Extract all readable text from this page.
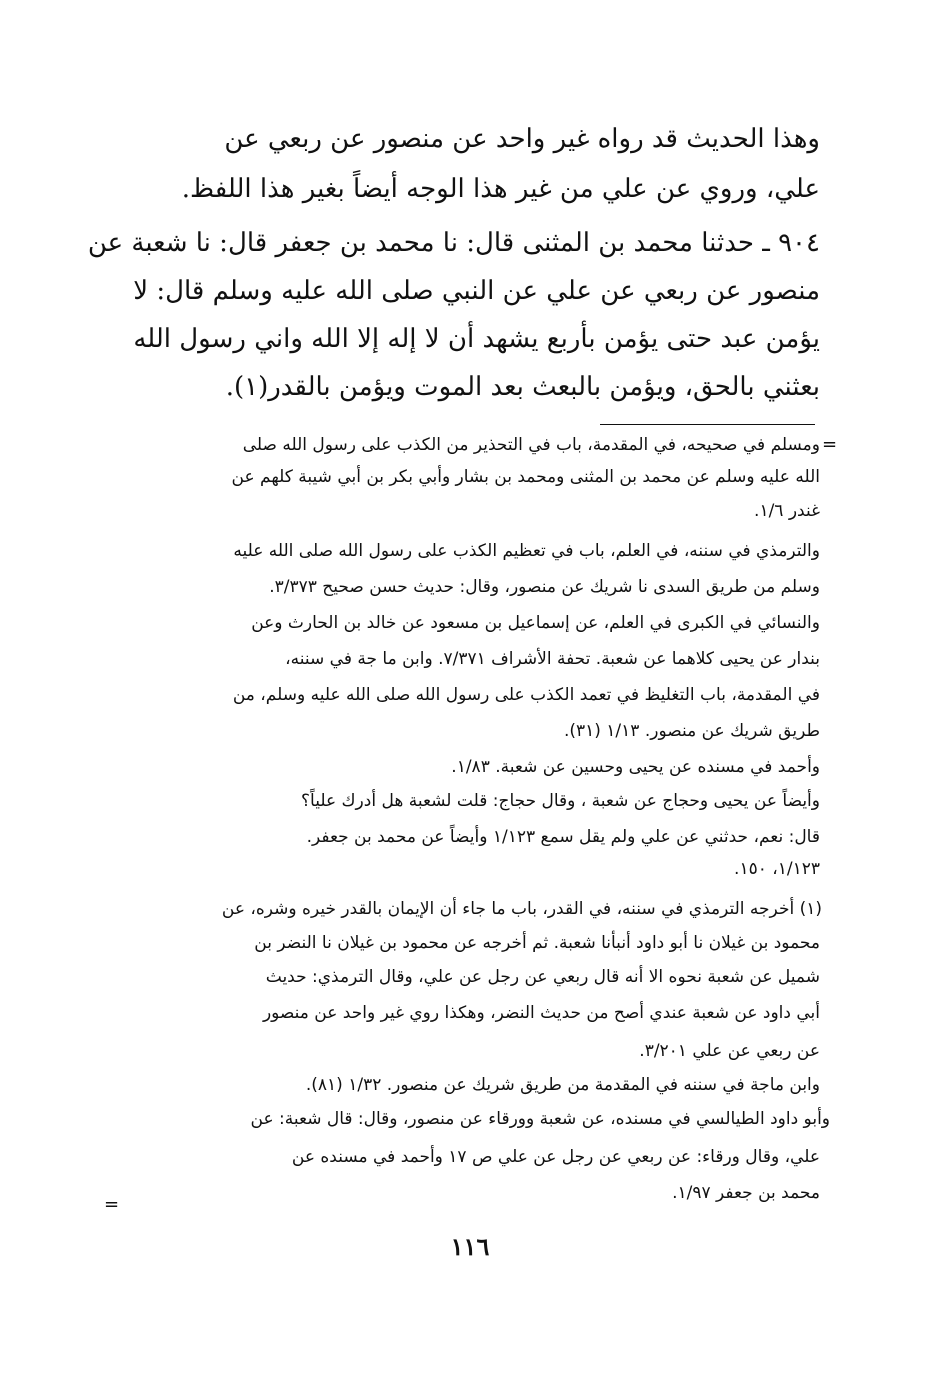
وهذا الحديث قد رواه غير واحد عن منصور عن ربعي عن
علي، وروي عن علي من غير هذا الوجه أيضاً بغير هذا اللفظ.
٩٠٤ ـ حدثنا محمد بن المثنى قال: نا محمد بن جعفر قال: نا شعبة عن
منصور عن ربعي عن علي عن النبي صلى الله عليه وسلم قال: لا
يؤمن عبد حتى يؤمن بأربع يشهد أن لا إله إلا الله واني رسول الله
بعثني بالحق، ويؤمن بالبعث بعد الموت ويؤمن بالقدر(١).
=
ومسلم في صحيحه، في المقدمة، باب في التحذير من الكذب على رسول الله صلى
الله عليه وسلم عن محمد بن المثنى ومحمد بن بشار وأبي بكر بن أبي شيبة كلهم عن
غندر ١/٦.
والترمذي في سننه، في العلم، باب في تعظيم الكذب على رسول الله صلى الله عليه
وسلم من طريق السدى نا شريك عن منصور، وقال: حديث حسن صحيح ٣/٣٧٣.
والنسائي في الكبرى في العلم، عن إسماعيل بن مسعود عن خالد بن الحارث وعن
بندار عن يحيى كلاهما عن شعبة. تحفة الأشراف ٧/٣٧١. وابن ما جة في سننه،
في المقدمة، باب التغليظ في تعمد الكذب على رسول الله صلى الله عليه وسلم، من
طريق شريك عن منصور. ١/١٣ (٣١).
وأحمد في مسنده عن يحيى وحسين عن شعبة. ١/٨٣.
وأيضاً عن يحيى وحجاج عن شعبة ، وقال حجاج: قلت لشعبة هل أدرك علياً؟
قال: نعم، حدثني عن علي ولم يقل سمع ١/١٢٣ وأيضاً عن محمد بن جعفر.
١/١٢٣، ١٥٠.
(١) أخرجه الترمذي في سننه، في القدر، باب ما جاء أن الإيمان بالقدر خيره وشره، عن
محمود بن غيلان نا أبو داود أنبأنا شعبة. ثم أخرجه عن محمود بن غيلان نا النضر بن
شميل عن شعبة نحوه الا أنه قال ربعي عن رجل عن علي، وقال الترمذي: حديث
أبي داود عن شعبة عندي أصح من حديث النضر، وهكذا روي غير واحد عن منصور
عن ربعي عن علي ٣/٢٠١.
وابن ماجة في سننه في المقدمة من طريق شريك عن منصور. ١/٣٢ (٨١).
وأبو داود الطيالسي في مسنده، عن شعبة وورقاء عن منصور، وقال: قال شعبة: عن
علي، وقال ورقاء: عن ربعي عن رجل عن علي ص ١٧ وأحمد في مسنده عن
محمد بن جعفر ١/٩٧.
=
١١٦
